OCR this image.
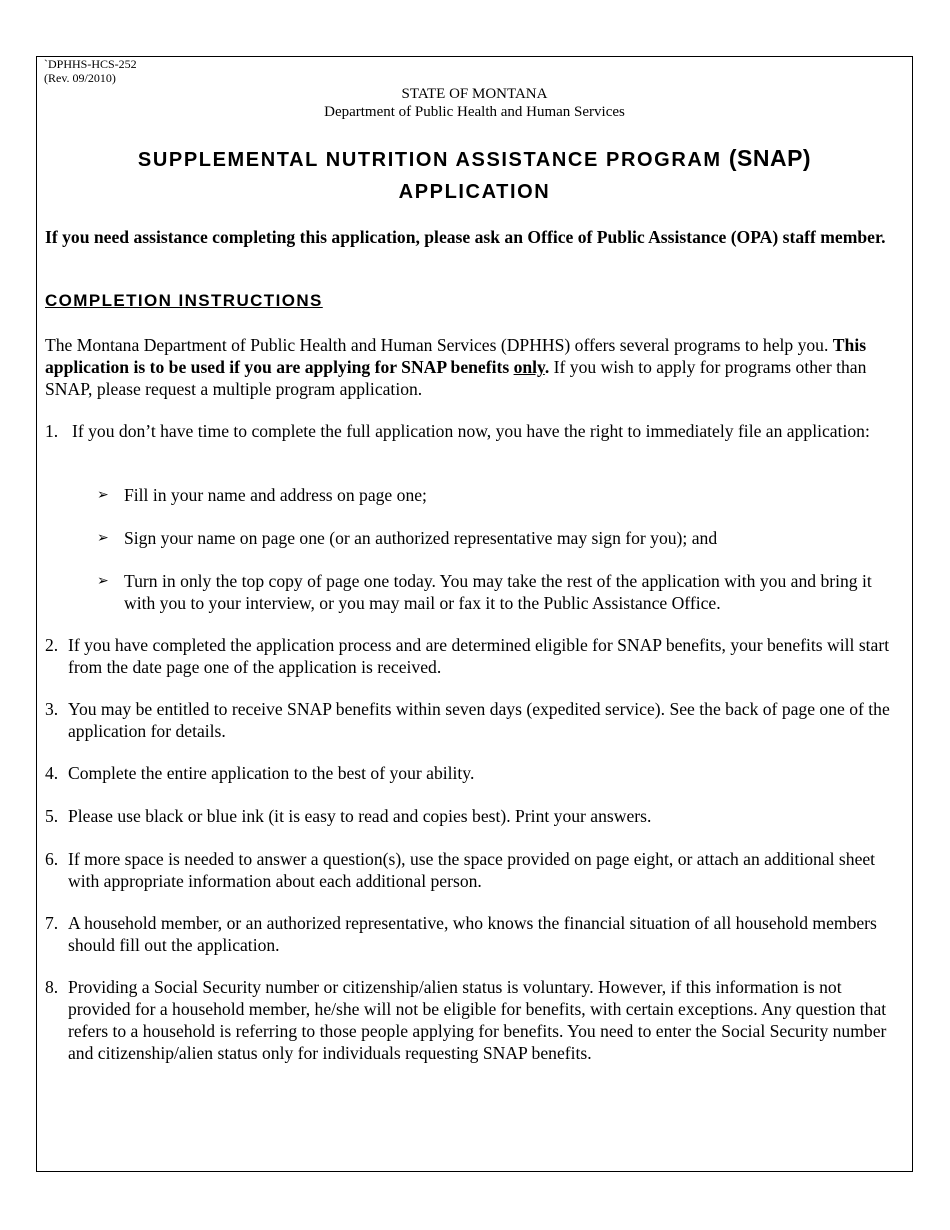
`DPHHS-HCS-252
(Rev. 09/2010)
STATE OF MONTANA
Department of Public Health and Human Services
SUPPLEMENTAL NUTRITION ASSISTANCE PROGRAM (SNAP)
APPLICATION
If you need assistance completing this application, please ask an Office of Public Assistance (OPA) staff member.
COMPLETION INSTRUCTIONS
The Montana Department of Public Health and Human Services (DPHHS) offers several programs to help you. This application is to be used if you are applying for SNAP benefits only. If you wish to apply for programs other than SNAP, please request a multiple program application.
1. If you don’t have time to complete the full application now, you have the right to immediately file an application:
➢ Fill in your name and address on page one;
➢ Sign your name on page one (or an authorized representative may sign for you); and
➢ Turn in only the top copy of page one today. You may take the rest of the application with you and bring it with you to your interview, or you may mail or fax it to the Public Assistance Office.
2. If you have completed the application process and are determined eligible for SNAP benefits, your benefits will start from the date page one of the application is received.
3. You may be entitled to receive SNAP benefits within seven days (expedited service). See the back of page one of the application for details.
4. Complete the entire application to the best of your ability.
5. Please use black or blue ink (it is easy to read and copies best). Print your answers.
6. If more space is needed to answer a question(s), use the space provided on page eight, or attach an additional sheet with appropriate information about each additional person.
7. A household member, or an authorized representative, who knows the financial situation of all household members should fill out the application.
8. Providing a Social Security number or citizenship/alien status is voluntary. However, if this information is not provided for a household member, he/she will not be eligible for benefits, with certain exceptions. Any question that refers to a household is referring to those people applying for benefits. You need to enter the Social Security number and citizenship/alien status only for individuals requesting SNAP benefits.
